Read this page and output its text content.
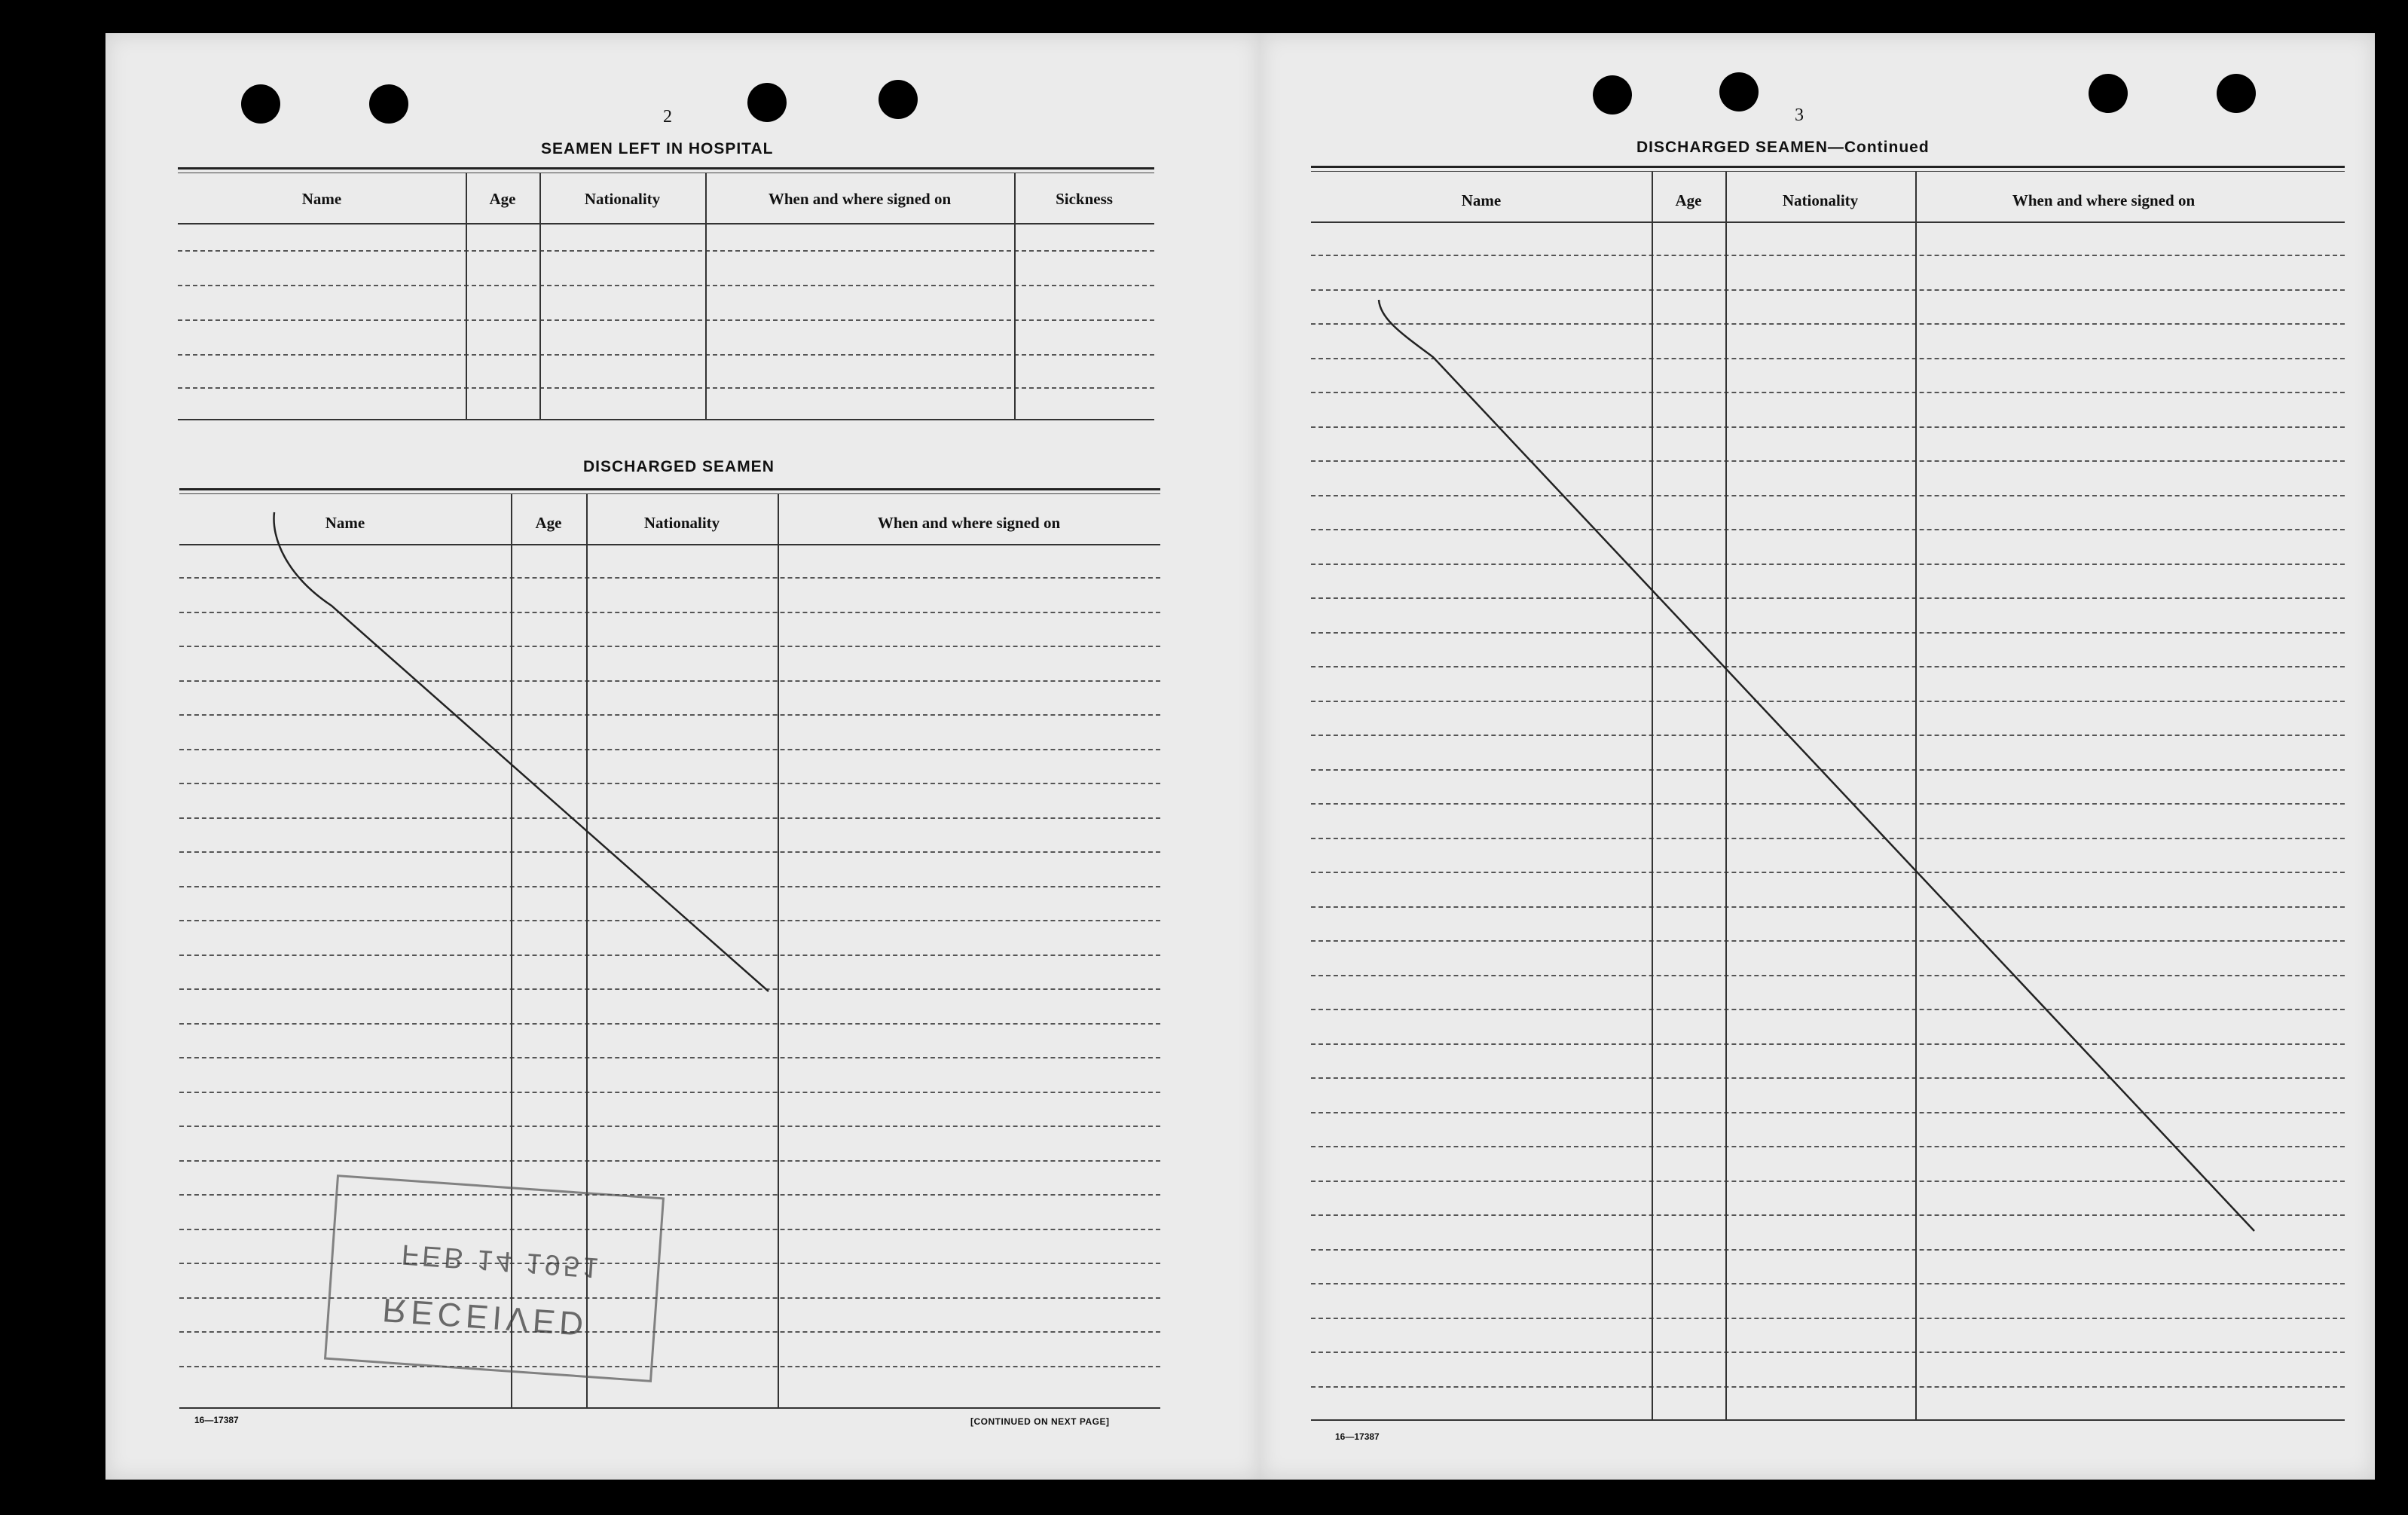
2
SEAMEN LEFT IN HOSPITAL
Name	Age	Nationality	When and where signed on	Sickness
DISCHARGED SEAMEN
Name	Age	Nationality	When and where signed on
16—17387	[CONTINUED ON NEXT PAGE]
RECEIVED
FEB 14 1951
3
DISCHARGED SEAMEN—Continued
Name	Age	Nationality	When and where signed on
16—17387
